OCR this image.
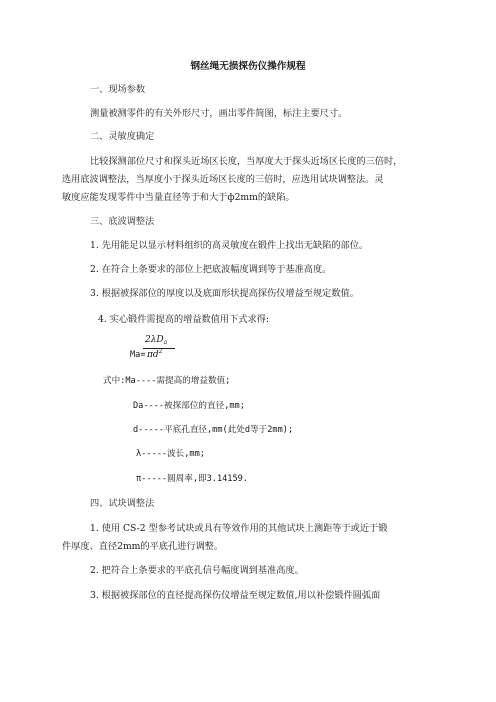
钢丝绳无损探伤仪操作规程
一、现场参数
测量被测零件的有关外形尺寸，画出零件简图，标注主要尺寸。
二、灵敏度确定
比较探测部位尺寸和探头近场区长度，当厚度大于探头近场区长度的三倍时，
选用底波调整法，当厚度小于探头近场区长度的三倍时，应选用试块调整法。灵
敏度应能发现零件中当量直径等于和大于ф2mm的缺陷。
三、底波调整法
1. 先用能足以显示材料组织的高灵敏度在锻件上找出无缺陷的部位。
2. 在符合上条要求的部位上把底波幅度调到等于基准高度。
3. 根据被探部位的厚度以及底面形状提高探伤仪增益至规定数值。
4. 实心锻件需提高的增益数值用下式求得:
$2\lambda D_a$
$\pi d^2$
Ma=
式中:Ma----需提高的增益数值;
Da----被探部位的直径,mm;
d-----平底孔直径,mm(此处d等于2mm);
λ-----波长,mm;
π-----圆周率,即3.14159.
四、试块调整法
1. 使用 CS-2 型参考试块或具有等效作用的其他试块上测距等于或近于锻
件厚度、直径2mm的平底孔进行调整。
2. 把符合上条要求的平底孔信号幅度调到基准高度。
3. 根据被探部位的直径提高探伤仪增益至规定数值,用以补偿锻件圆弧面
